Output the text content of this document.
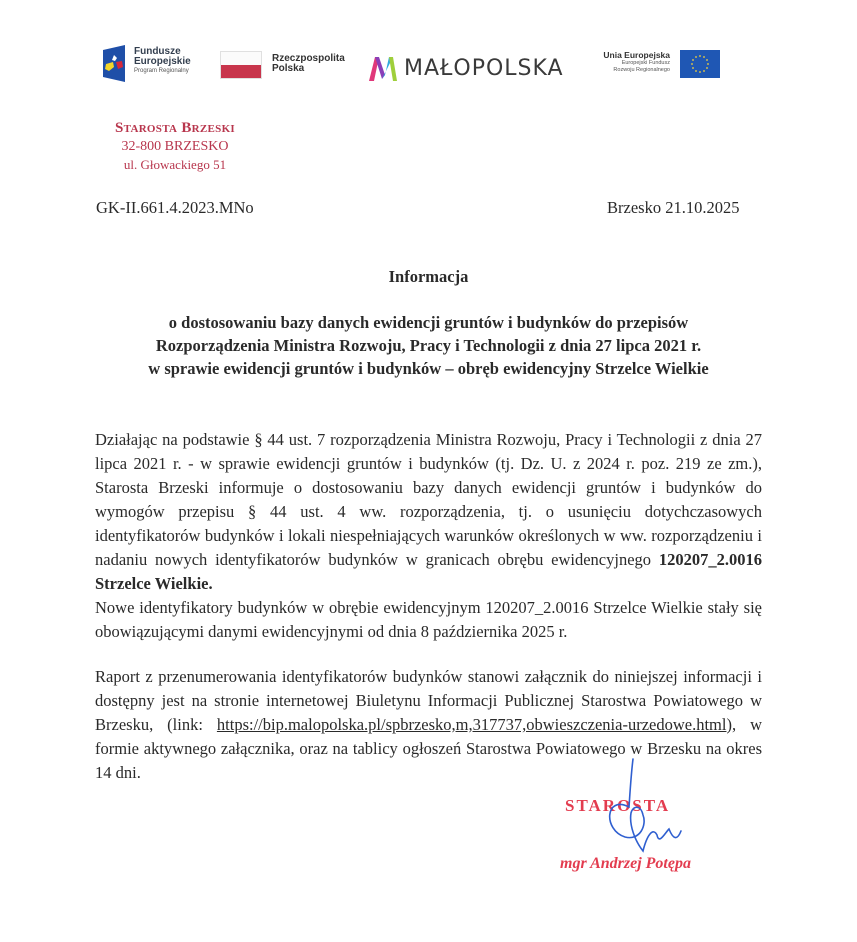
Fundusze
Europejskie
Program Regionalny
Rzeczpospolita
Polska	MAŁOPOLSKA
Unia Europejska
Europejski Fundusz
Rozwoju Regionalnego
Starosta Brzeski
32-800 BRZESKO
ul. Głowackiego 51
GK-II.661.4.2023.MNo	Brzesko 21.10.2025
Informacja
o dostosowaniu bazy danych ewidencji gruntów i budynków do przepisów
Rozporządzenia Ministra Rozwoju, Pracy i Technologii z dnia 27 lipca 2021 r.
w sprawie ewidencji gruntów i budynków – obręb ewidencyjny Strzelce Wielkie

Działając na podstawie § 44 ust. 7 rozporządzenia Ministra Rozwoju, Pracy i Technologii z dnia 27 lipca 2021 r. - w sprawie ewidencji gruntów i budynków (tj. Dz. U. z 2024 r. poz. 219 ze zm.), Starosta Brzeski informuje o dostosowaniu bazy danych ewidencji gruntów i budynków do wymogów przepisu § 44 ust. 4 ww. rozporządzenia, tj. o usunięciu dotychczasowych identyfikatorów budynków i lokali niespełniających warunków określonych w ww. rozporządzeniu i nadaniu nowych identyfikatorów budynków w granicach obrębu ewidencyjnego 120207_2.0016 Strzelce Wielkie.

Nowe identyfikatory budynków w obrębie ewidencyjnym 120207_2.0016 Strzelce Wielkie stały się obowiązującymi danymi ewidencyjnymi od dnia 8 października 2025 r.

Raport z przenumerowania identyfikatorów budynków stanowi załącznik do niniejszej informacji i dostępny jest na stronie internetowej Biuletynu Informacji Publicznej Starostwa Powiatowego w Brzesku, (link: https://bip.malopolska.pl/spbrzesko,m,317737,obwieszczenia-urzedowe.html), w formie aktywnego załącznika, oraz na tablicy ogłoszeń Starostwa Powiatowego w Brzesku na okres 14 dni.

STAROSTA
mgr Andrzej Potępa
